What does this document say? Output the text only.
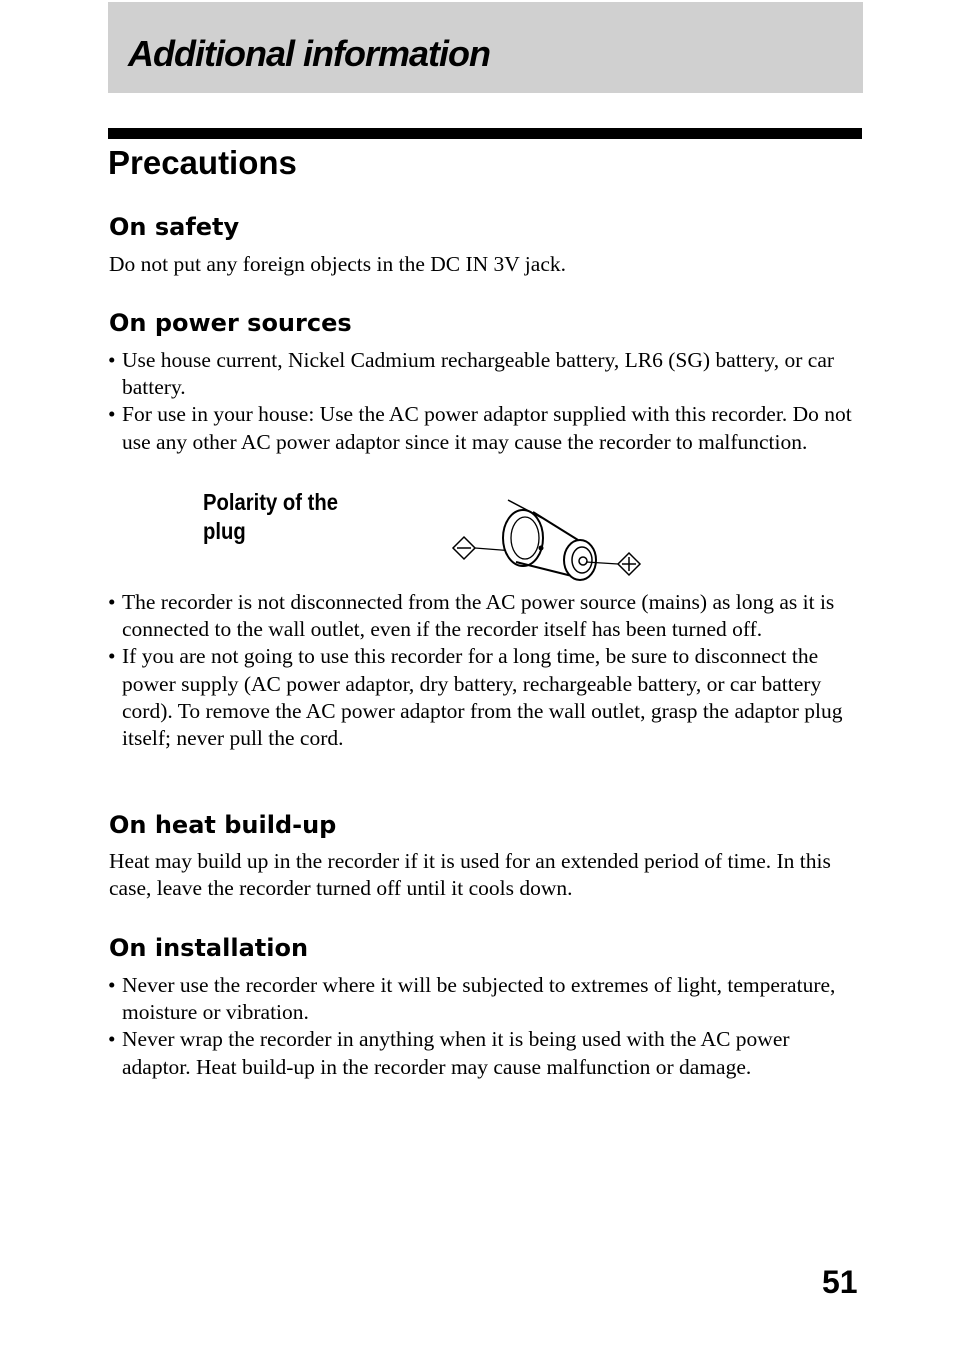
Additional information
Precautions
On safety

Do not put any foreign objects in the DC IN 3V jack.

On power sources
• Use house current, Nickel Cadmium rechargeable battery, LR6 (SG) battery, or car battery.
• For use in your house: Use the AC power adaptor supplied with this recorder. Do not use any other AC power adaptor since it may cause the recorder to malfunction.

Polarity of the plug

• The recorder is not disconnected from the AC power source (mains) as long as it is connected to the wall outlet, even if the recorder itself has been turned off.
• If you are not going to use this recorder for a long time, be sure to disconnect the power supply (AC power adaptor, dry battery, rechargeable battery, or car battery cord). To remove the AC power adaptor from the wall outlet, grasp the adaptor plug itself; never pull the cord.
On heat build-up

Heat may build up in the recorder if it is used for an extended period of time. In this case, leave the recorder turned off until it cools down.

On installation
• Never use the recorder where it will be subjected to extremes of light, temperature, moisture or vibration.
• Never wrap the recorder in anything when it is being used with the AC power adaptor. Heat build-up in the recorder may cause malfunction or damage.

51
